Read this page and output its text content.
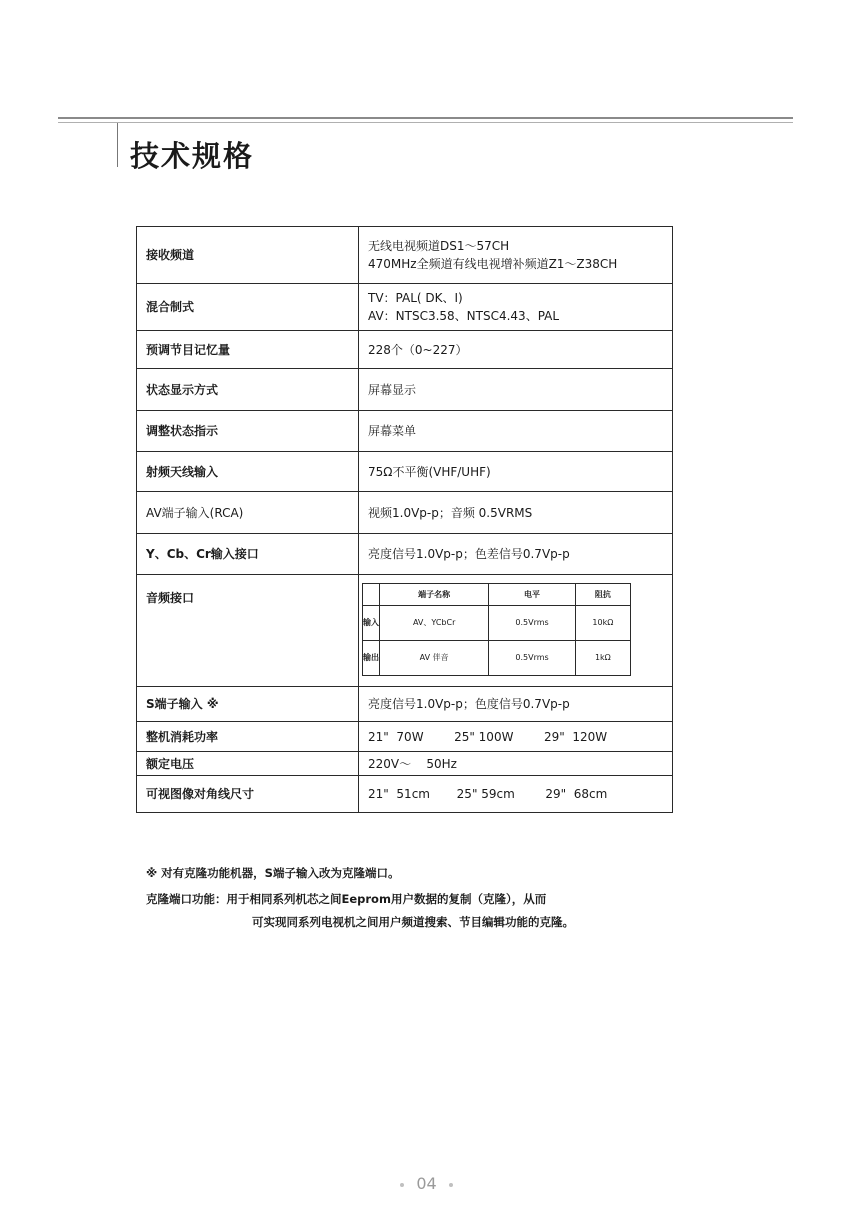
技术规格
接收频道	
无线电视频道DS1～57CH
470MHz全频道有线电视增补频道Z1～Z38CH

混合制式	
TV：PAL( DK、I)
AV：NTSC3.58、NTSC4.43、PAL

预调节目记忆量	228个（0~227）
状态显示方式	屏幕显示
调整状态指示	屏幕菜单
射频天线输入	75Ω不平衡(VHF/UHF)
AV端子输入(RCA)	视频1.0Vp-p；音频 0.5VRMS
Y、Cb、Cr输入接口	亮度信号1.0Vp-p；色差信号0.7Vp-p
音频接口	
		端子名称	电平	阻抗
输入	AV、YCbCr	0.5Vrms	10kΩ
输出	AV 伴音	0.5Vrms	1kΩ

S端子输入 ※	亮度信号1.0Vp-p；色度信号0.7Vp-p
整机消耗功率	21"  70W        25" 100W        29"  120W
额定电压	220V～    50Hz
可视图像对角线尺寸	21"  51cm       25" 59cm        29"  68cm
※ 对有克隆功能机器，S端子输入改为克隆端口。
克隆端口功能：用于相同系列机芯之间Eeprom用户数据的复制（克隆），从而
可实现同系列电视机之间用户频道搜索、节目编辑功能的克隆。
04
